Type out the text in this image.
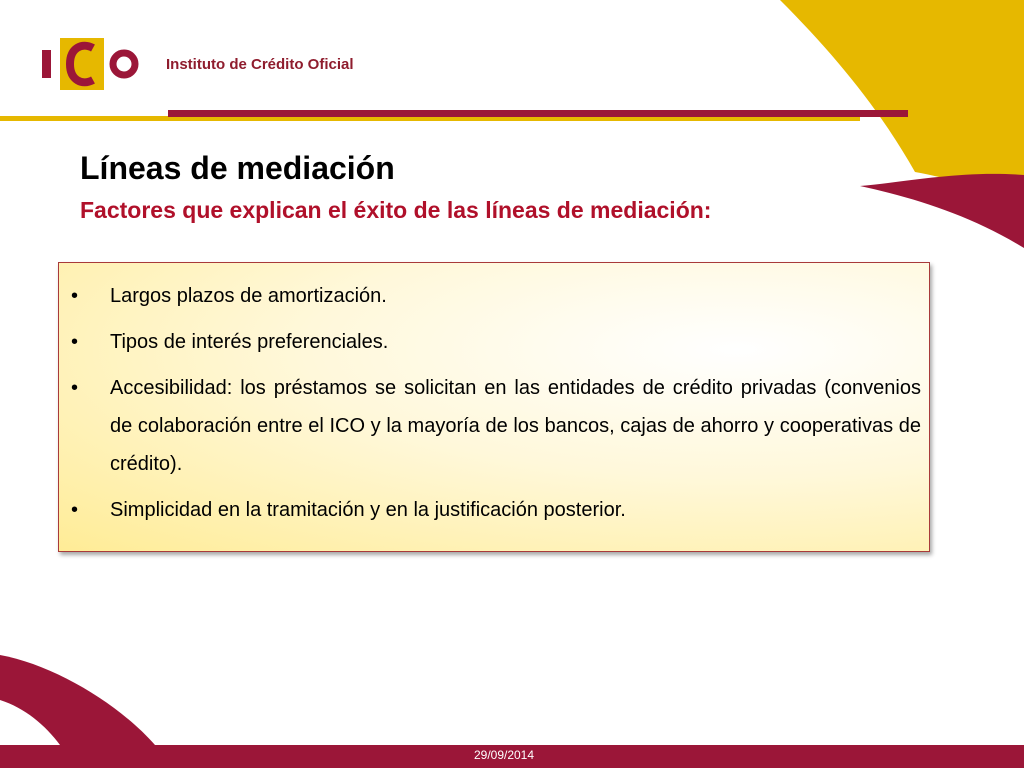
Instituto de Crédito Oficial
Líneas de mediación
Factores que explican el éxito de las líneas de mediación:
•	Largos plazos de amortización.
•	Tipos de interés preferenciales.
•	Accesibilidad: los préstamos se solicitan en las entidades de crédito privadas (convenios de colaboración entre el ICO y la mayoría de los bancos, cajas de ahorro y cooperativas de crédito).
•	Simplicidad en la tramitación y en la justificación posterior.
29/09/2014
